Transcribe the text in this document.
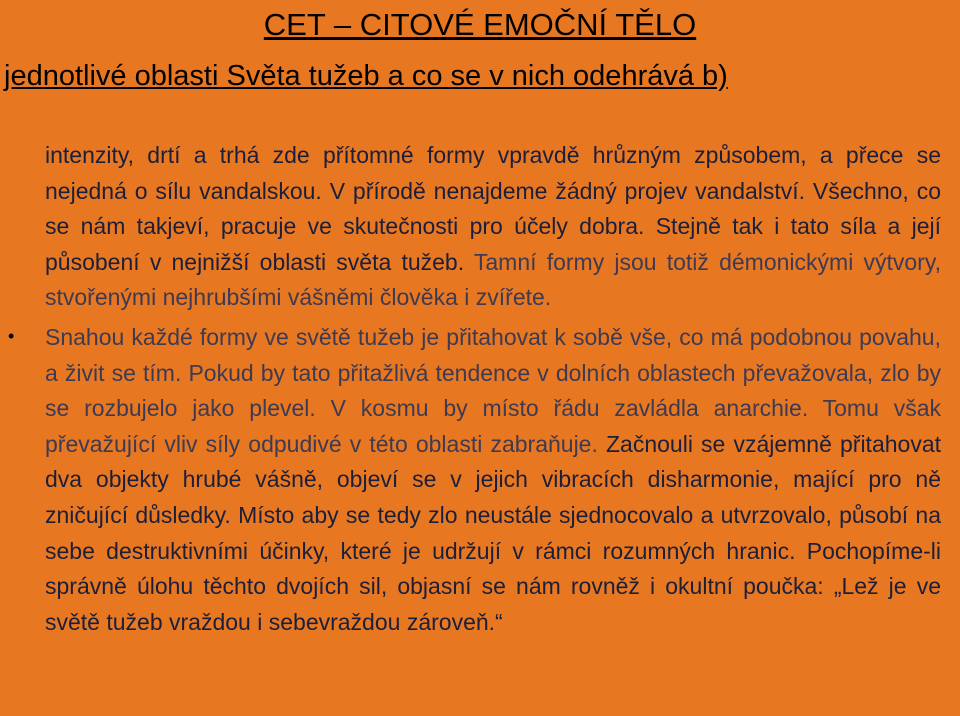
CET – CITOVÉ EMOČNÍ TĚLO
jednotlivé oblasti Světa tužeb a co se v nich odehrává b)

intenzity, drtí a trhá zde přítomné formy vpravdě hrůzným způsobem, a přece se nejedná o sílu vandalskou. V přírodě nenajdeme žádný projev vandalství. Všechno, co se nám takjeví, pracuje ve skutečnosti pro účely dobra. Stejně tak i tato síla a její působení v nejnižší oblasti světa tužeb. Tamní formy jsou totiž démonickými výtvory, stvořenými nejhrubšími vášněmi člověka i zvířete.

• Snahou každé formy ve světě tužeb je přitahovat k sobě vše, co má podobnou povahu, a živit se tím. Pokud by tato přitažlivá tendence v dolních oblastech převažovala, zlo by se rozbujelo jako plevel. V kosmu by místo řádu zavládla anarchie. Tomu však převažující vliv síly odpudivé v této oblasti zabraňuje. Začnouli se vzájemně přitahovat dva objekty hrubé vášně, objeví se v jejich vibracích disharmonie, mající pro ně zničující důsledky. Místo aby se tedy zlo neustále sjednocovalo a utvrzovalo, působí na sebe destruktivními účinky, které je udržují v rámci rozumných hranic. Pochopíme-li správně úlohu těchto dvojích sil, objasní se nám rovněž i okultní poučka: „Lež je ve světě tužeb vraždou i sebevraždou zároveň.“
